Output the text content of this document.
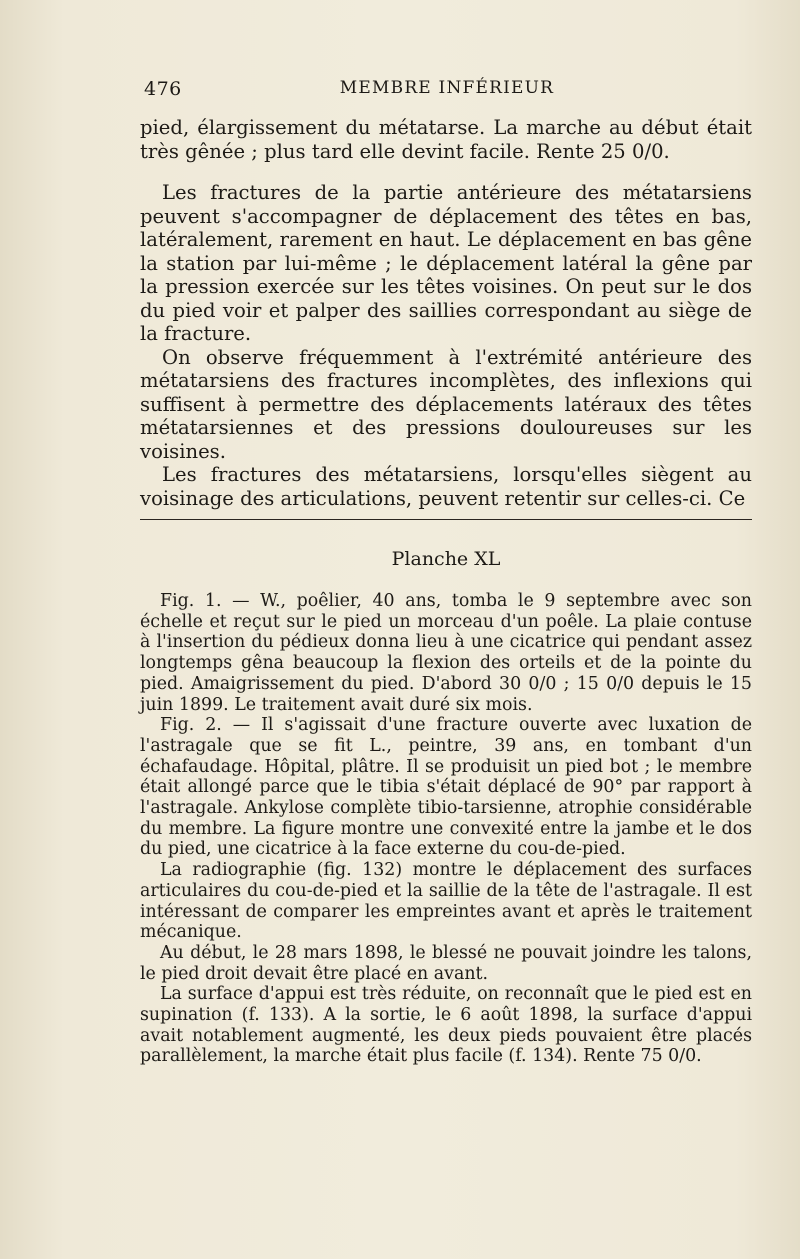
476	MEMBRE INFÉRIEUR

pied, élargissement du métatarse. La marche au début était très gênée ; plus tard elle devint facile. Rente 25 0/0.

Les fractures de la partie antérieure des métatarsiens peuvent s'accompagner de déplacement des têtes en bas, latéralement, rarement en haut. Le déplacement en bas gêne la station par lui-même ; le déplacement latéral la gêne par la pression exercée sur les têtes voisines. On peut sur le dos du pied voir et palper des saillies correspondant au siège de la fracture.

On observe fréquemment à l'extrémité antérieure des métatarsiens des fractures incomplètes, des inflexions qui suffisent à permettre des déplacements latéraux des têtes métatarsiennes et des pressions douloureuses sur les voisines.

Les fractures des métatarsiens, lorsqu'elles siègent au voisinage des articulations, peuvent retentir sur celles-ci. Ce

Planche XL

Fig. 1. — W., poêlier, 40 ans, tomba le 9 septembre avec son échelle et reçut sur le pied un morceau d'un poêle. La plaie contuse à l'insertion du pédieux donna lieu à une cicatrice qui pendant assez longtemps gêna beaucoup la flexion des orteils et de la pointe du pied. Amaigrissement du pied. D'abord 30 0/0 ; 15 0/0 depuis le 15 juin 1899. Le traitement avait duré six mois.

Fig. 2. — Il s'agissait d'une fracture ouverte avec luxation de l'astragale que se fit L., peintre, 39 ans, en tombant d'un échafaudage. Hôpital, plâtre. Il se produisit un pied bot ; le membre était allongé parce que le tibia s'était déplacé de 90° par rapport à l'astragale. Ankylose complète tibio-tarsienne, atrophie considérable du membre. La figure montre une convexité entre la jambe et le dos du pied, une cicatrice à la face externe du cou-de-pied.

La radiographie (fig. 132) montre le déplacement des surfaces articulaires du cou-de-pied et la saillie de la tête de l'astragale. Il est intéressant de comparer les empreintes avant et après le traitement mécanique.

Au début, le 28 mars 1898, le blessé ne pouvait joindre les talons, le pied droit devait être placé en avant.

La surface d'appui est très réduite, on reconnaît que le pied est en supination (f. 133). A la sortie, le 6 août 1898, la surface d'appui avait notablement augmenté, les deux pieds pouvaient être placés parallèlement, la marche était plus facile (f. 134). Rente 75 0/0.
